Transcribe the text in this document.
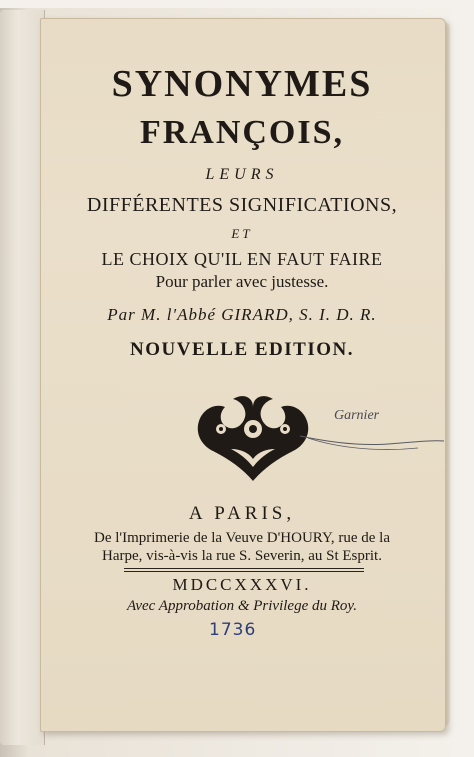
SYNONYMES
FRANÇOIS,
LEURS
DIFFÉRENTES SIGNIFICATIONS,
ET
LE CHOIX QU'IL EN FAUT FAIRE
Pour parler avec justesse.
Par M. l'Abbé GIRARD, S. I. D. R.
NOUVELLE EDITION.
Garnier
A PARIS,
De l'Imprimerie de la Veuve D'HOURY, rue de la
Harpe, vis-à-vis la rue S. Severin, au St Esprit.
MDCCXXXVI.
Avec Approbation & Privilege du Roy.
1736
